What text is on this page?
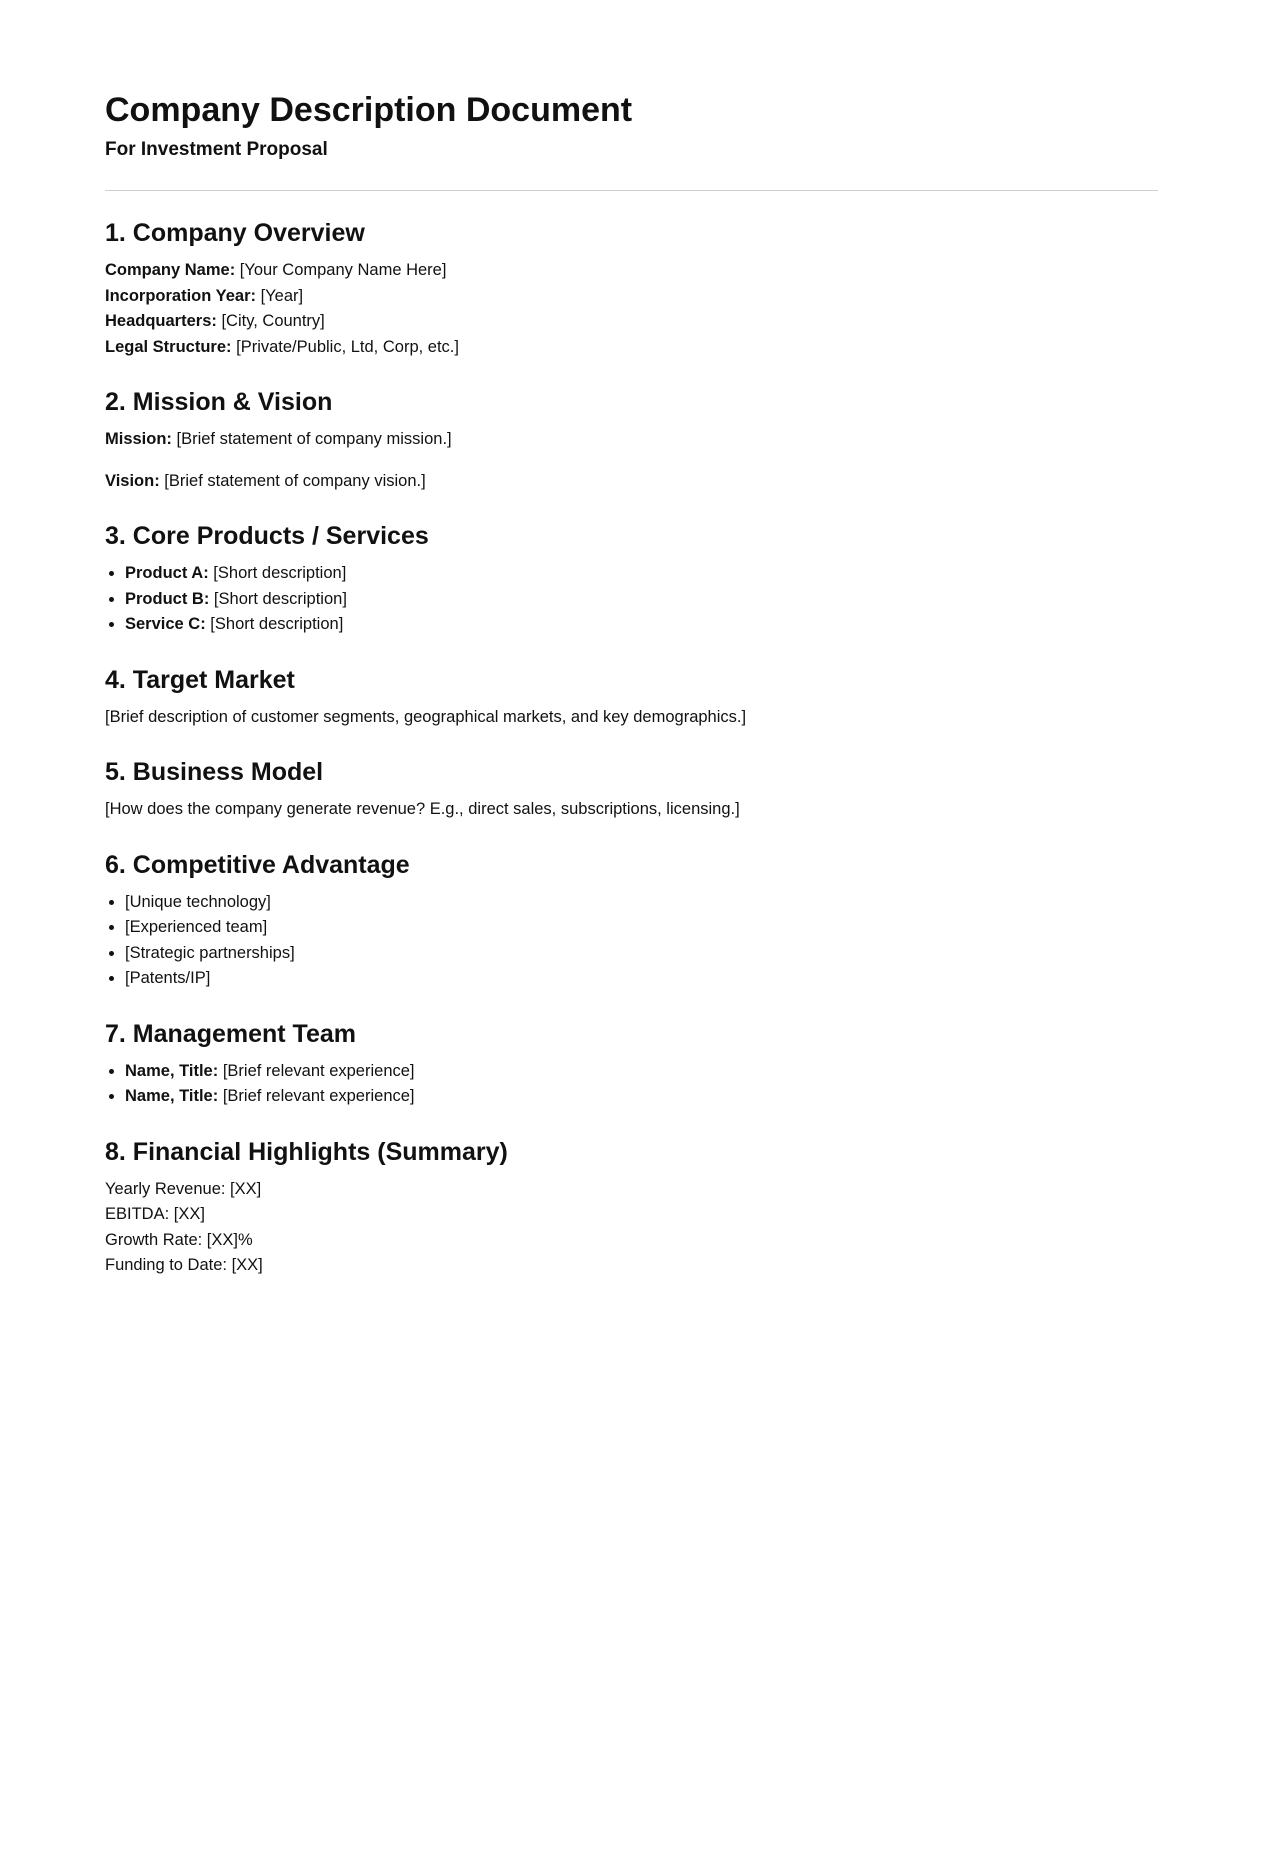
Company Description Document
For Investment Proposal
1. Company Overview
Company Name: [Your Company Name Here]
Incorporation Year: [Year]
Headquarters: [City, Country]
Legal Structure: [Private/Public, Ltd, Corp, etc.]
2. Mission & Vision

Mission: [Brief statement of company mission.]

Vision: [Brief statement of company vision.]

3. Core Products / Services
• Product A: [Short description]
• Product B: [Short description]
• Service C: [Short description]
4. Target Market

[Brief description of customer segments, geographical markets, and key demographics.]

5. Business Model

[How does the company generate revenue? E.g., direct sales, subscriptions, licensing.]

6. Competitive Advantage
• [Unique technology]
• [Experienced team]
• [Strategic partnerships]
• [Patents/IP]
7. Management Team
• Name, Title: [Brief relevant experience]
• Name, Title: [Brief relevant experience]
8. Financial Highlights (Summary)
Yearly Revenue: [XX]
EBITDA: [XX]
Growth Rate: [XX]%
Funding to Date: [XX]
